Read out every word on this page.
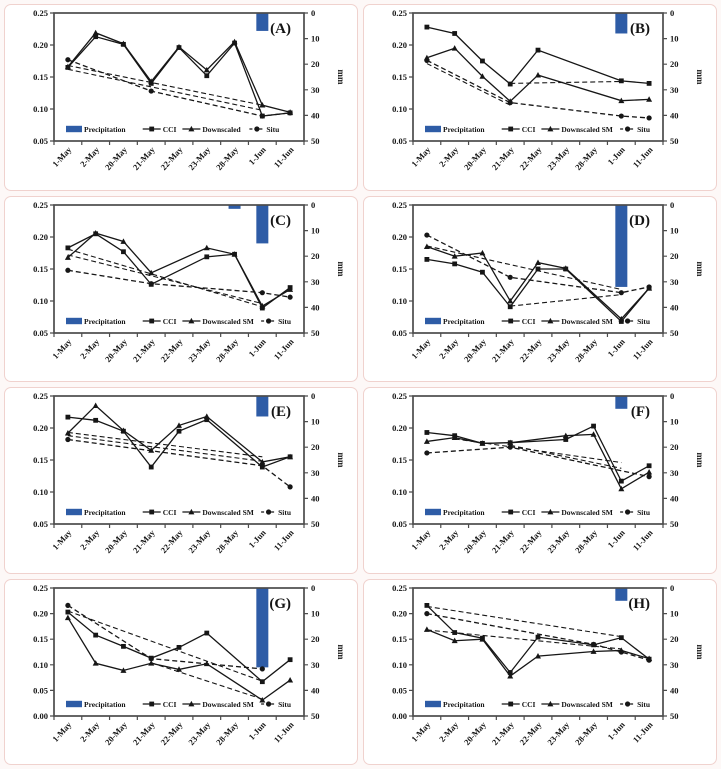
0.25
0.20
0.15
0.10
0.05
0
10
20
30
40
50
1-May 2-May 20-May 21-May 22-May 23-May 28-May 1-Jun 11-Jun
mm
Precipitation	CCI	Downscaled	Situ
(A)
0.25
0.20
0.15
0.10
0.05
0
10
20
30
40
50
1-May 2-May 20-May 21-May 22-May 23-May 28-May 1-Jun 11-Jun
mm
Precipitation	CCI	Downscaled SM	Situ
(B)
0.25
0.20
0.15
0.10
0.05
0
10
20
30
40
50
1-May 2-May 20-May 21-May 22-May 23-May 28-May 1-Jun 11-Jun
mm
Precipitation	CCI	Downscaled SM	Situ
(C)
0.25
0.20
0.15
0.10
0.05
0
10
20
30
40
50
1-May 2-May 20-May 21-May 22-May 23-May 28-May 1-Jun 11-Jun
mm
Precipitation	CCI	Downscaled SM	Situ
(D)
0.25
0.20
0.15
0.10
0.05
0
10
20
30
40
50
1-May 2-May 20-May 21-May 22-May 23-May 28-May 1-Jun 11-Jun
mm
Precipitation	CCI	Downscaled SM	Situ
(E)
0.25
0.20
0.15
0.10
0.05
0
10
20
30
40
50
1-May 2-May 20-May 21-May 22-May 23-May 28-May 1-Jun 11-Jun
mm
Precipitation	CCI	Downscaled SM	Situ
(F)
0.25
0.20
0.15
0.10
0.05
0.00
0
10
20
30
40
50
1-May 2-May 20-May 21-May 22-May 23-May 28-May 1-Jun 11-Jun
mm
Precipitation	CCI	Downscaled SM	Situ
(G)
0.25
0.20
0.15
0.10
0.05
0.00
0
10
20
30
40
50
1-May 2-May 20-May 21-May 22-May 23-May 28-May 1-Jun 11-Jun
mm
Precipitation	CCI	Downscaled SM	Situ
(H)
